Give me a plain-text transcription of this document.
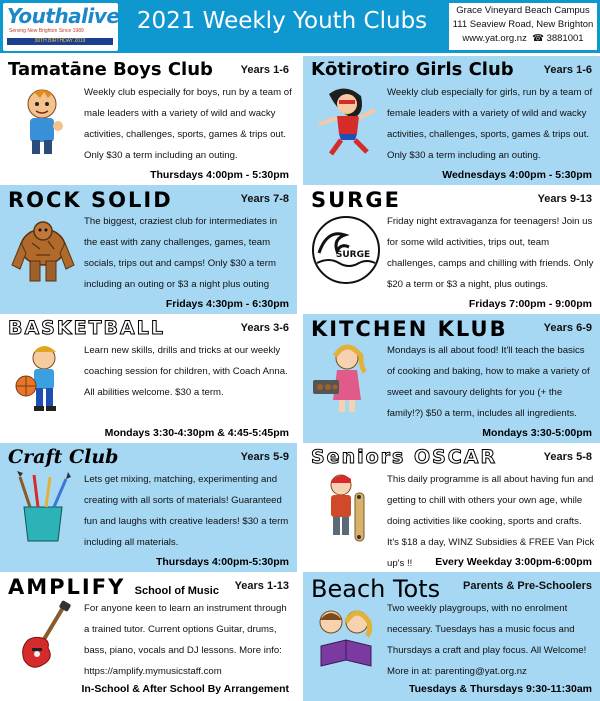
Youthalive
Serving New Brighton Since 1989
30TH BIRTHDAY 2019
2021 Weekly Youth Clubs	Grace Vineyard Beach Campus
111 Seaview Road, New Brighton
www.yat.org.nz ☎ 3881001
Tamatāne Boys Club	Years 1-6
Weekly club especially for boys, run by a team of male leaders with a variety of wild and wacky activities, challenges, sports, games & trips out. Only $30 a term including an outing.
Thursdays 4:00pm - 5:30pm
Kōtirotiro Girls Club	Years 1-6
Weekly club especially for girls, run by a team of female leaders with a variety of wild and wacky activities, challenges, sports, games & trips out. Only $30 a term including an outing.
Wednesdays 4:00pm - 5:30pm
ROCK SOLID	Years 7-8
The biggest, craziest club for intermediates in the east with zany challenges, games, team socials, trips out and camps! Only $30 a term including an outing or $3 a night plus outing
Fridays 4:30pm - 6:30pm
SURGE	Years 9-13
SURGE
Friday night extravaganza for teenagers! Join us for some wild activities, trips out, team challenges, camps and chilling with friends. Only $20 a term or $3 a night, plus outings.
Fridays 7:00pm - 9:00pm
BASKETBALL	Years 3-6
Learn new skills, drills and tricks at our weekly coaching session for children, with Coach Anna. All abilities welcome. $30 a term.
Mondays 3:30-4:30pm & 4:45-5:45pm
KITCHEN KLUB	Years 6-9
Mondays is all about food! It'll teach the basics of cooking and baking, how to make a variety of sweet and savoury delights for you (+ the family!?) $50 a term, includes all ingredients.
Mondays 3:30-5:00pm
Craft Club	Years 5-9
Lets get mixing, matching, experimenting and creating with all sorts of materials! Guaranteed fun and laughs with creative leaders! $30 a term including all materials.
Thursdays 4:00pm-5:30pm
Seniors OSCAR	Years 5-8
This daily programme is all about having fun and getting to chill with others your own age, while doing activities like cooking, sports and crafts. It's $18 a day, WINZ Subsidies & FREE Van Pick up's !!	Every Weekday 3:00pm-6:00pm
AMPLIFY School of Music Years 1-13
For anyone keen to learn an instrument through a trained tutor. Current options Guitar, drums, bass, piano, vocals and DJ lessons. More info: https://amplify.mymusicstaff.com
In-School & After School By Arrangement
Beach Tots Parents & Pre-Schoolers
Two weekly playgroups, with no enrolment necessary. Tuesdays has a music focus and Thursdays a craft and play focus. All Welcome! More in at: parenting@yat.org.nz
Tuesdays & Thursdays 9:30-11:30am
